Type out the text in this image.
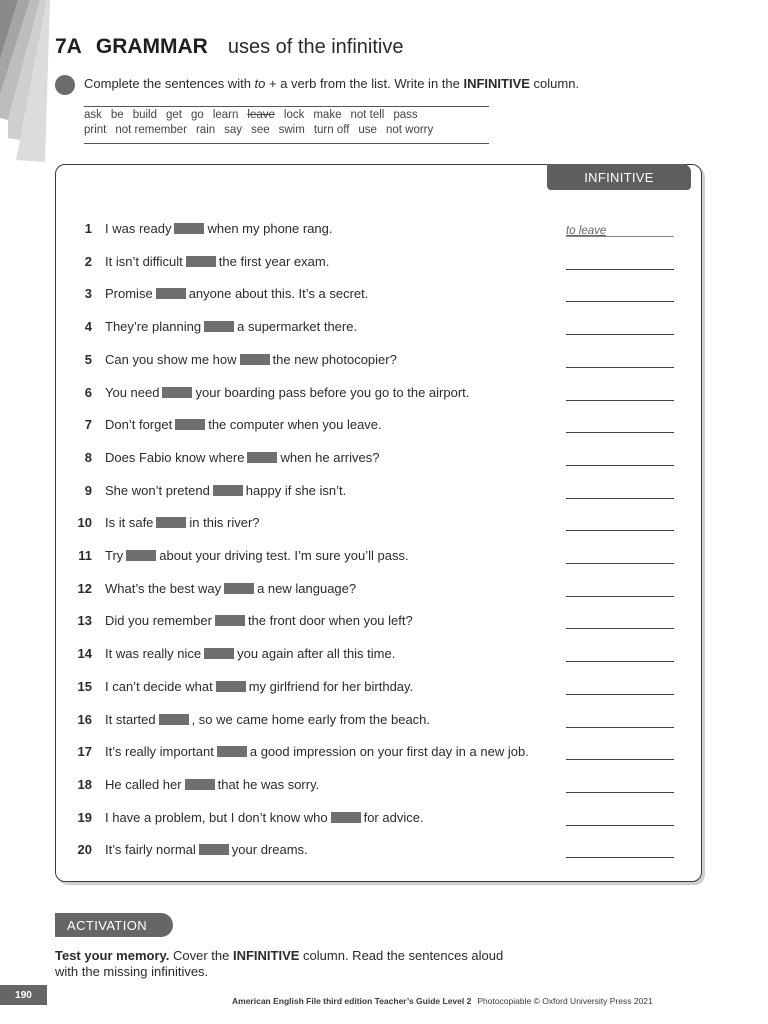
7A GRAMMAR uses of the infinitive
Complete the sentences with to + a verb from the list. Write in the INFINITIVE column.
ask be build get go learn leave lock make not tell pass
print not remember rain say see swim turn off use not worry
INFINITIVE
1 I was ready	when my phone rang.	to leave
2 It isn’t difficult	the first year exam.
3 Promise	anyone about this. It’s a secret.
4 They’re planning	a supermarket there.
5 Can you show me how	the new photocopier?
6 You need	your boarding pass before you go to the airport.
7 Don’t forget	the computer when you leave.
8 Does Fabio know where	when he arrives?
9 She won’t pretend	happy if she isn’t.
10 Is it safe	in this river?
11 Try	about your driving test. I’m sure you’ll pass.
12 What’s the best way	a new language?
13 Did you remember	the front door when you left?
14 It was really nice	you again after all this time.
15 I can’t decide what	my girlfriend for her birthday.
16 It started	, so we came home early from the beach.
17 It’s really important	a good impression on your first day in a new job.
18 He called her	that he was sorry.
19 I have a problem, but I don’t know who	for advice.
20 It’s fairly normal	your dreams.
ACTIVATION
Test your memory. Cover the INFINITIVE column. Read the sentences aloud with the missing infinitives.
190
American English File third edition Teacher’s Guide Level 2 Photocopiable © Oxford University Press 2021
